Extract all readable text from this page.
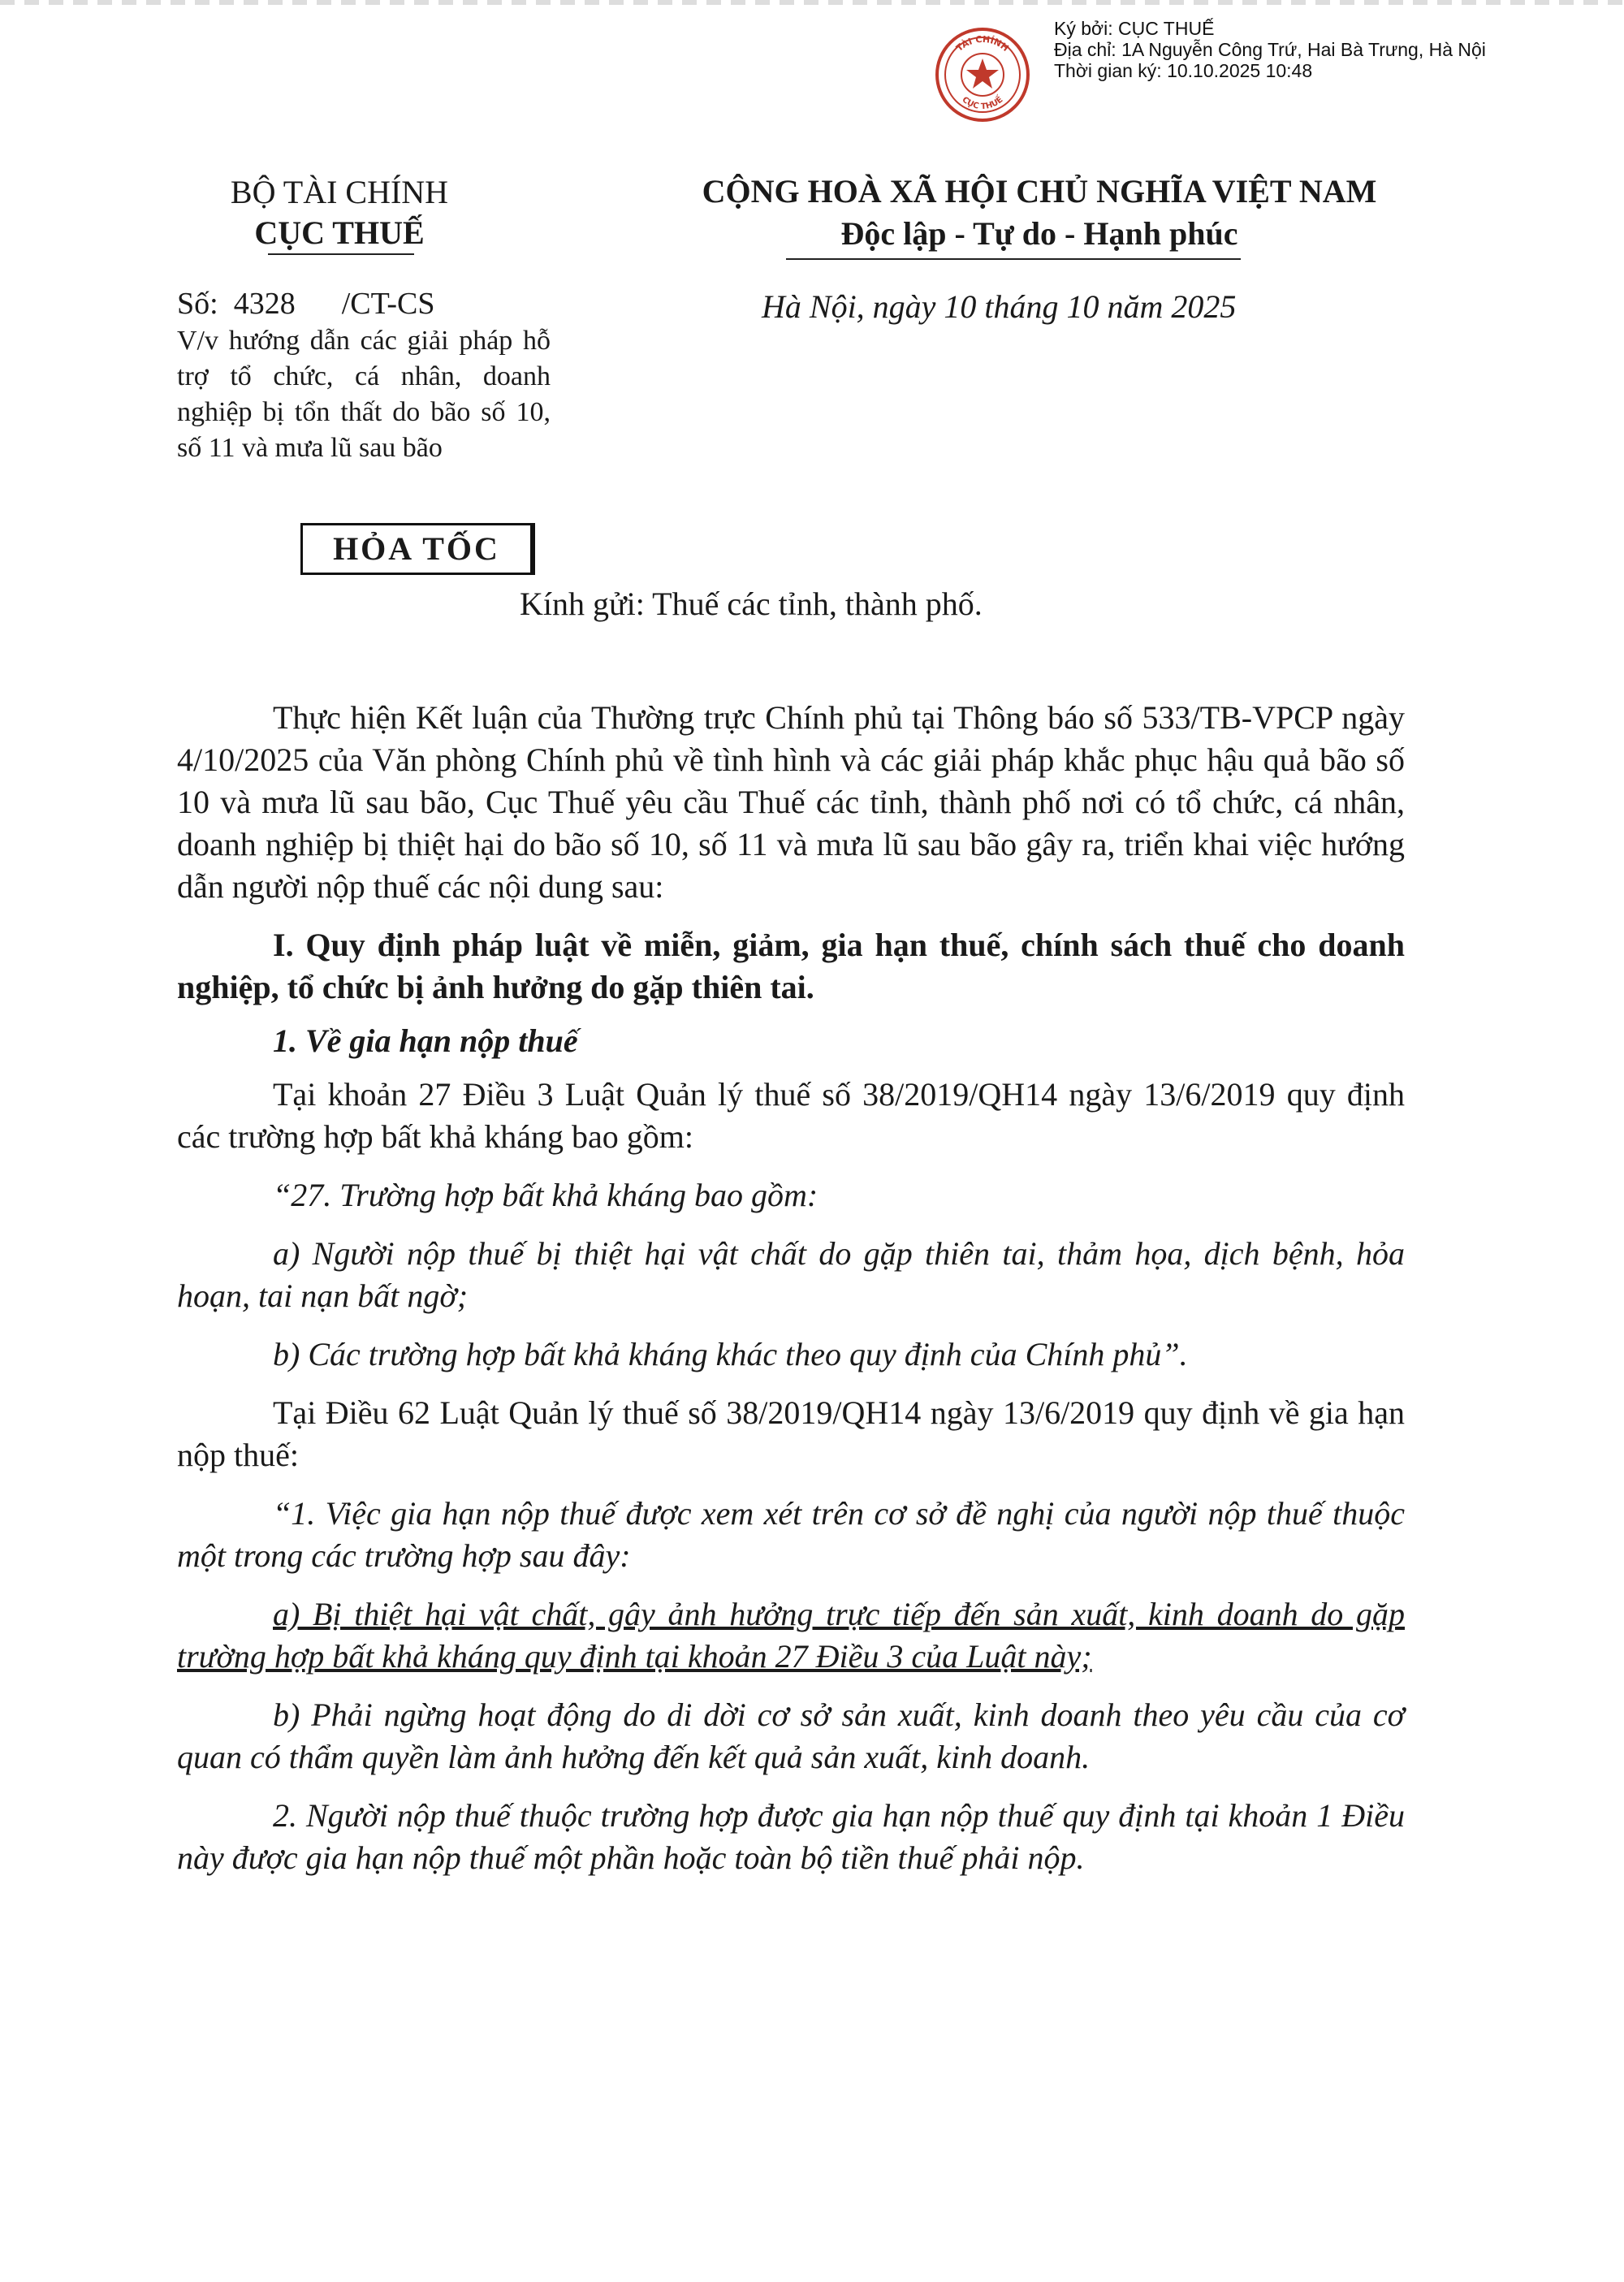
TÀI CHÍNH
CỤC THUẾ
Ký bởi: CỤC THUẾ
Địa chỉ: 1A Nguyễn Công Trứ, Hai Bà Trưng, Hà Nội
Thời gian ký: 10.10.2025 10:48
BỘ TÀI CHÍNH
CỤC THUẾ
CỘNG HOÀ XÃ HỘI CHỦ NGHĨA VIỆT NAM
Độc lập - Tự do - Hạnh phúc
Số:  4328      /CT-CS
V/v hướng dẫn các giải pháp hỗ trợ tổ chức, cá nhân, doanh nghiệp bị tổn thất do bão số 10, số 11 và mưa lũ sau bão
Hà Nội, ngày 10 tháng 10 năm 2025
HỎA TỐC
Kính gửi: Thuế các tỉnh, thành phố.

Thực hiện Kết luận của Thường trực Chính phủ tại Thông báo số 533/TB-VPCP ngày 4/10/2025 của Văn phòng Chính phủ về tình hình và các giải pháp khắc phục hậu quả bão số 10 và mưa lũ sau bão, Cục Thuế yêu cầu Thuế các tỉnh, thành phố nơi có tổ chức, cá nhân, doanh nghiệp bị thiệt hại do bão số 10, số 11 và mưa lũ sau bão gây ra, triển khai việc hướng dẫn người nộp thuế các nội dung sau:

I. Quy định pháp luật về miễn, giảm, gia hạn thuế, chính sách thuế cho doanh nghiệp, tổ chức bị ảnh hưởng do gặp thiên tai.

1. Về gia hạn nộp thuế

Tại khoản 27 Điều 3 Luật Quản lý thuế số 38/2019/QH14 ngày 13/6/2019 quy định các trường hợp bất khả kháng bao gồm:

“27. Trường hợp bất khả kháng bao gồm:

a) Người nộp thuế bị thiệt hại vật chất do gặp thiên tai, thảm họa, dịch bệnh, hỏa hoạn, tai nạn bất ngờ;

b) Các trường hợp bất khả kháng khác theo quy định của Chính phủ”.

Tại Điều 62 Luật Quản lý thuế số 38/2019/QH14 ngày 13/6/2019 quy định về gia hạn nộp thuế:

“1. Việc gia hạn nộp thuế được xem xét trên cơ sở đề nghị của người nộp thuế thuộc một trong các trường hợp sau đây:

a) Bị thiệt hại vật chất, gây ảnh hưởng trực tiếp đến sản xuất, kinh doanh do gặp trường hợp bất khả kháng quy định tại khoản 27 Điều 3 của Luật này;

b) Phải ngừng hoạt động do di dời cơ sở sản xuất, kinh doanh theo yêu cầu của cơ quan có thẩm quyền làm ảnh hưởng đến kết quả sản xuất, kinh doanh.

2. Người nộp thuế thuộc trường hợp được gia hạn nộp thuế quy định tại khoản 1 Điều này được gia hạn nộp thuế một phần hoặc toàn bộ tiền thuế phải nộp.
